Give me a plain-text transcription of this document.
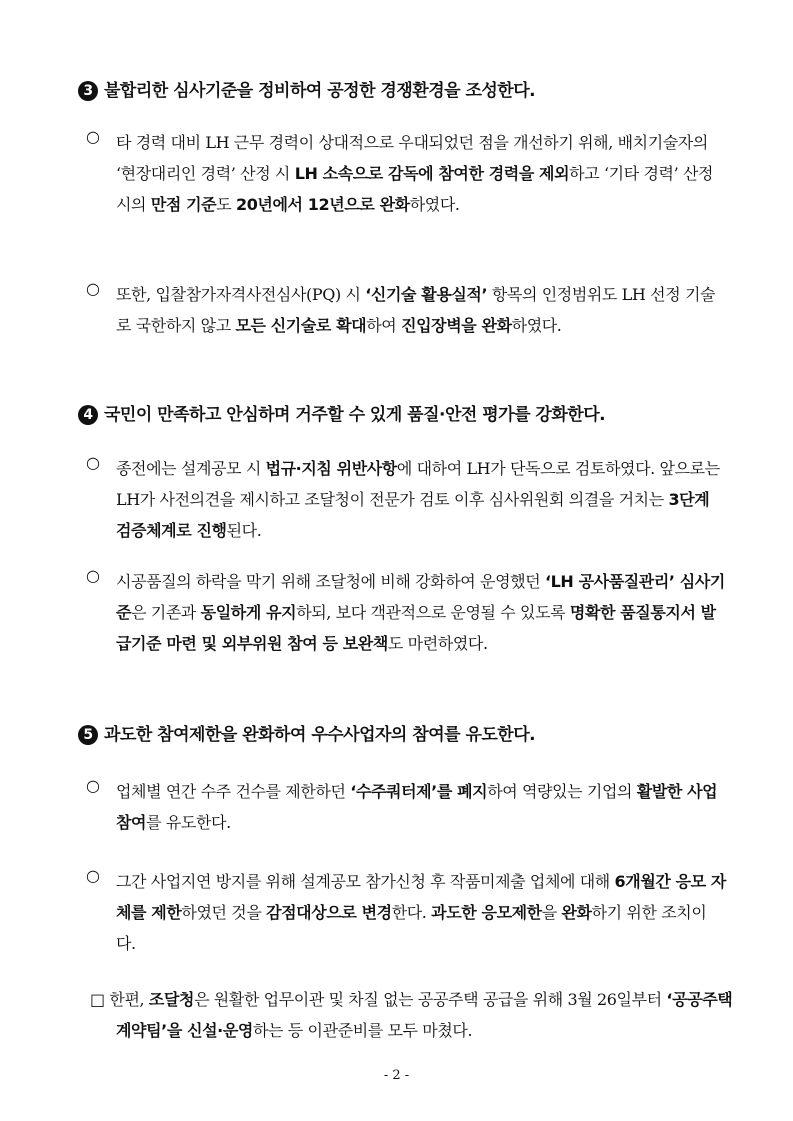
3 불합리한 심사기준을 정비하여 공정한 경쟁환경을 조성한다.
○ 타 경력 대비 LH 근무 경력이 상대적으로 우대되었던 점을 개선하기 위해, 배치기술자의 ‘현장대리인 경력’ 산정 시 LH 소속으로 감독에 참여한 경력을 제외하고 ‘기타 경력’ 산정 시의 만점 기준도 20년에서 12년으로 완화하였다.
○ 또한, 입찰참가자격사전심사(PQ) 시 ‘신기술 활용실적’ 항목의 인정범위도 LH 선정 기술로 국한하지 않고 모든 신기술로 확대하여 진입장벽을 완화하였다.
4 국민이 만족하고 안심하며 거주할 수 있게 품질·안전 평가를 강화한다.
○ 종전에는 설계공모 시 법규·지침 위반사항에 대하여 LH가 단독으로 검토하였다. 앞으로는 LH가 사전의견을 제시하고 조달청이 전문가 검토 이후 심사위원회 의결을 거치는 3단계 검증체계로 진행된다.
○ 시공품질의 하락을 막기 위해 조달청에 비해 강화하여 운영했던 ‘LH 공사품질관리’ 심사기준은 기존과 동일하게 유지하되, 보다 객관적으로 운영될 수 있도록 명확한 품질통지서 발급기준 마련 및 외부위원 참여 등 보완책도 마련하였다.
5 과도한 참여제한을 완화하여 우수사업자의 참여를 유도한다.
○ 업체별 연간 수주 건수를 제한하던 ‘수주쿼터제’를 폐지하여 역량있는 기업의 활발한 사업 참여를 유도한다.
○ 그간 사업지연 방지를 위해 설계공모 참가신청 후 작품미제출 업체에 대해 6개월간 응모 자체를 제한하였던 것을 감점대상으로 변경한다. 과도한 응모제한을 완화하기 위한 조치이다.
□ 한편, 조달청은 원활한 업무이관 및 차질 없는 공공주택 공급을 위해 3월 26일부터 ‘공공주택계약팀’을 신설·운영하는 등 이관준비를 모두 마쳤다.
- 2 -
